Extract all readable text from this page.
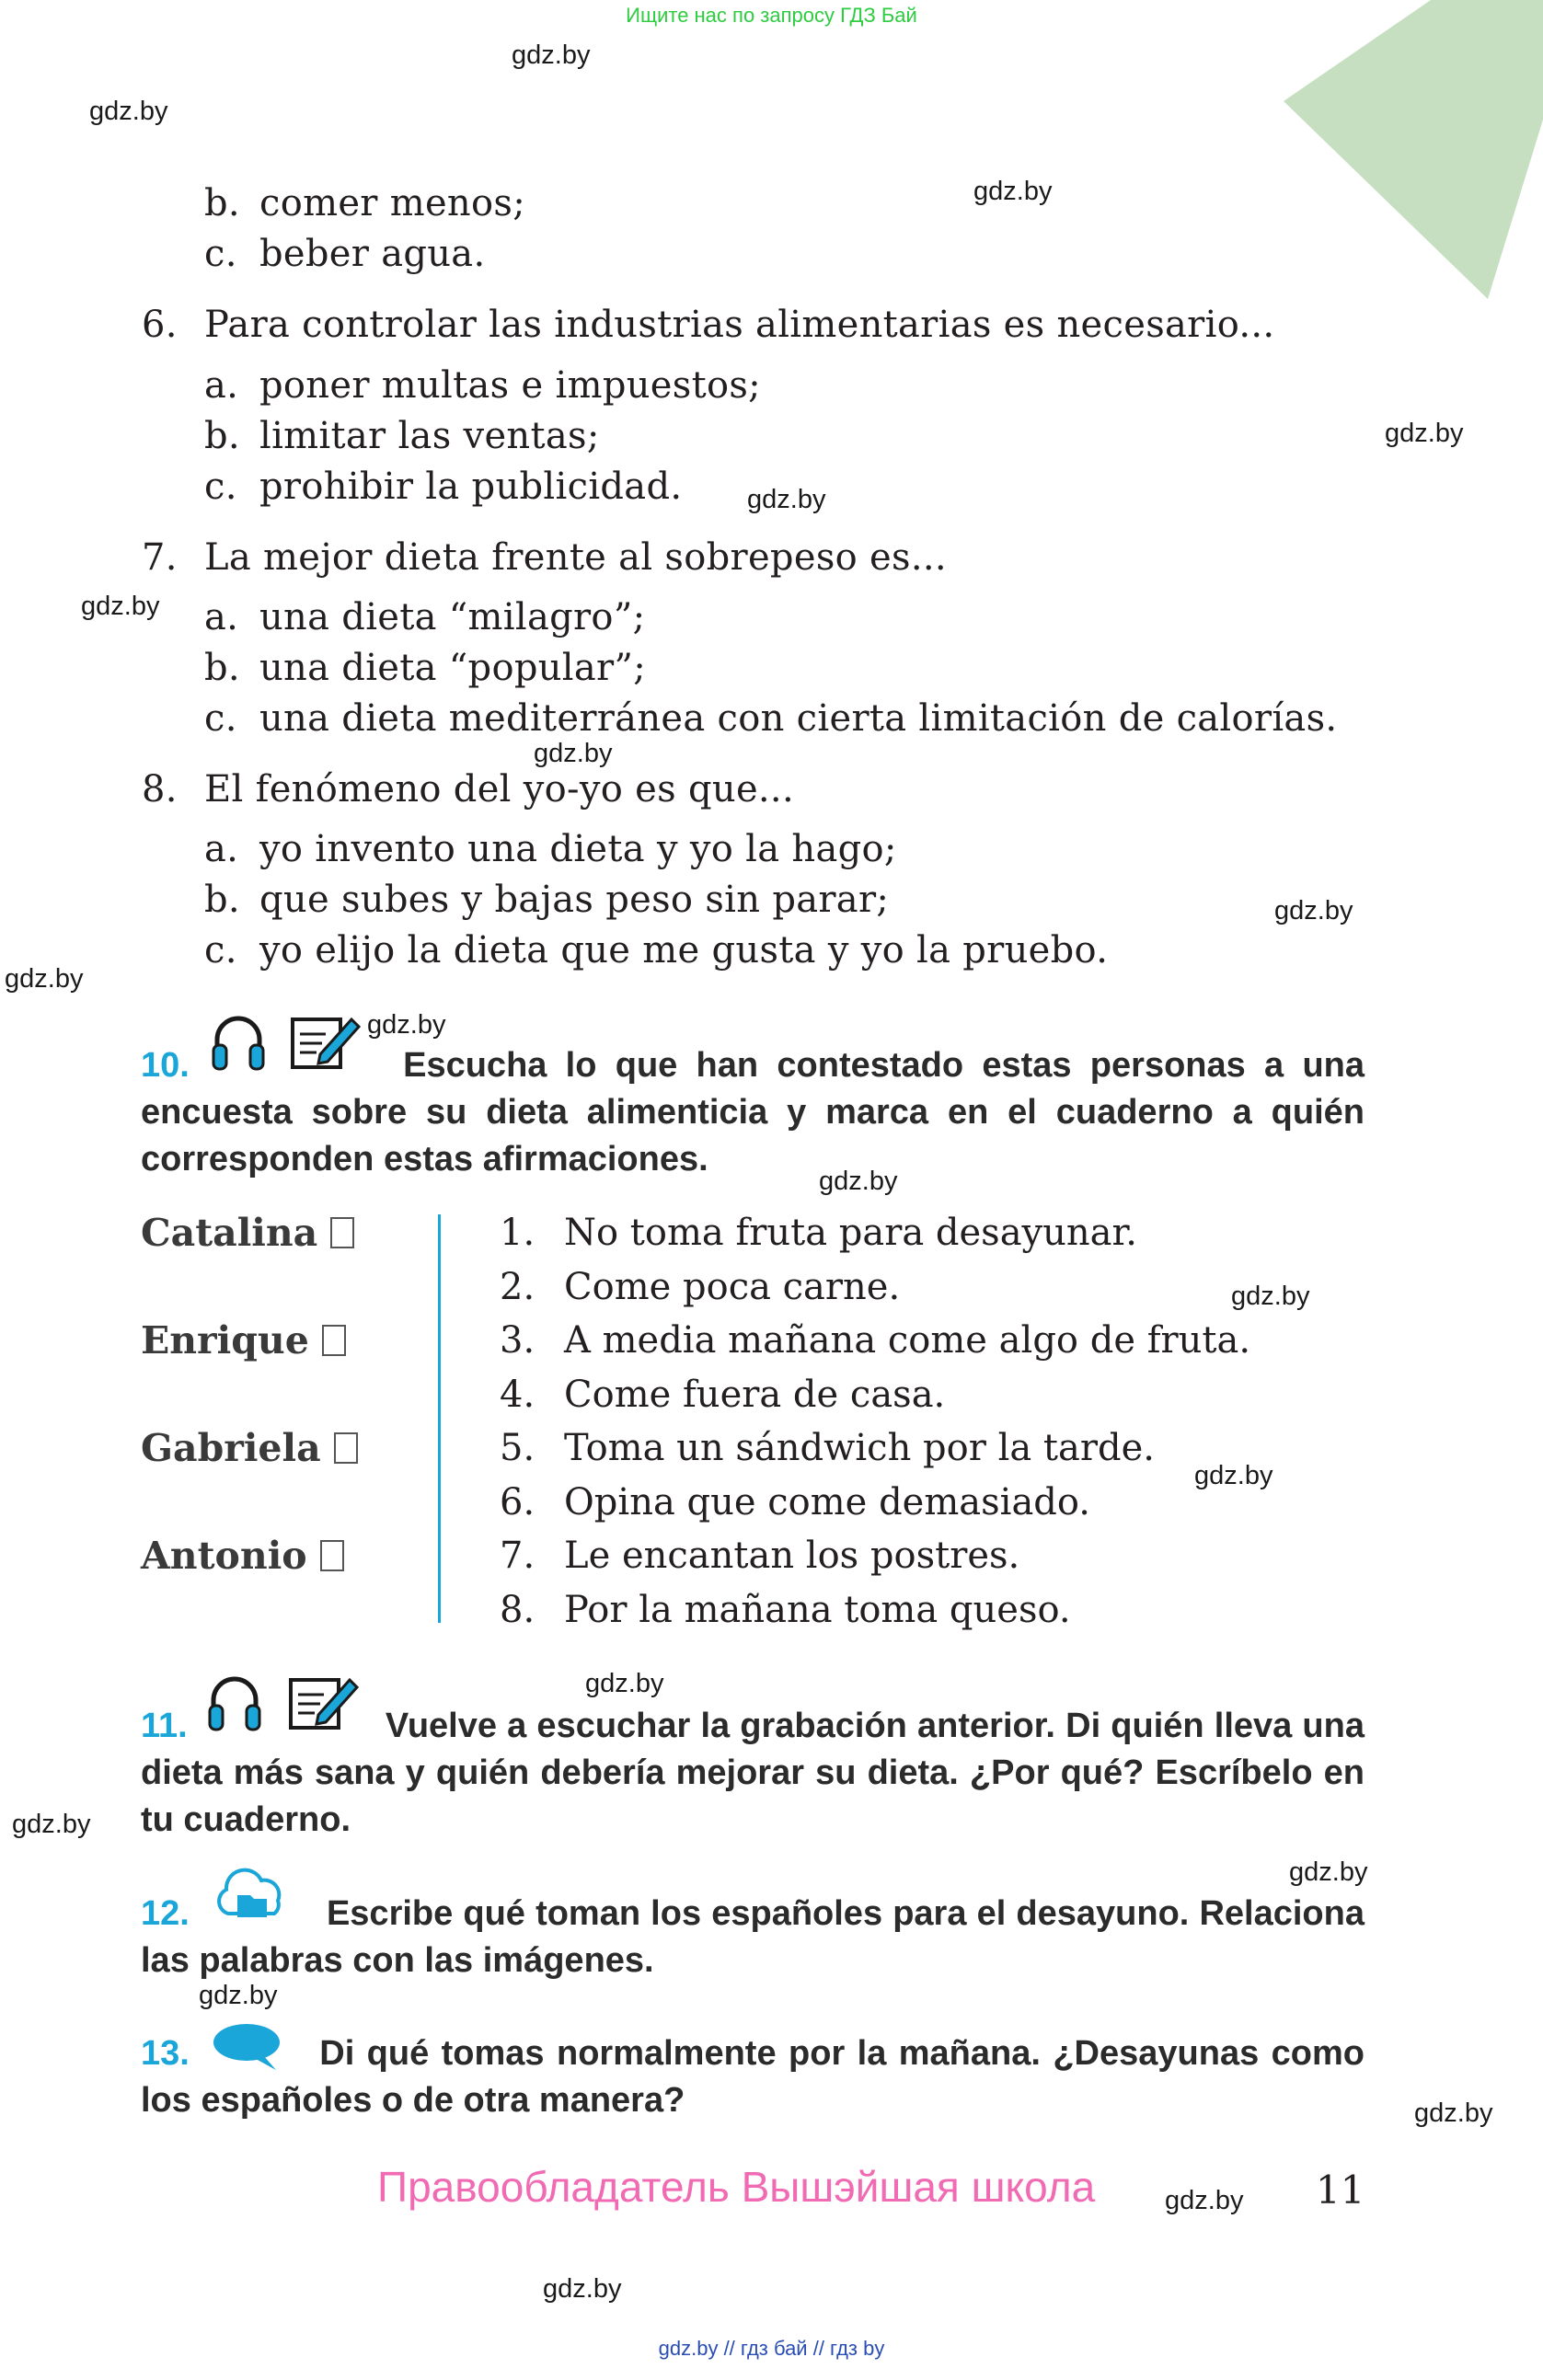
Ищите нас по запросу ГДЗ Бай
gdz.by
gdz.by
gdz.by
gdz.by
gdz.by
gdz.by
gdz.by
gdz.by
gdz.by
gdz.by
gdz.by
gdz.by
gdz.by
gdz.by
gdz.by
gdz.by
gdz.by
gdz.by
gdz.by
gdz.by
b. comer menos;
c. beber agua.
6. Para controlar las industrias alimentarias es necesario...
a. poner multas e impuestos;
b. limitar las ventas;
c. prohibir la publicidad.
7. La mejor dieta frente al sobrepeso es...
a. una dieta “milagro”;
b. una dieta “popular”;
c. una dieta mediterránea con cierta limitación de calorías.
8. El fenómeno del yo-yo es que...
a. yo invento una dieta y yo la hago;
b. que subes y bajas peso sin parar;
c. yo elijo la dieta que me gusta y yo la pruebo.
10.	Escucha lo que han contestado estas personas a una encuesta sobre su dieta alimenticia y marca en el cuaderno a quién corresponden estas afirmaciones.
Catalina
Enrique
Gabriela
Antonio
1. No toma fruta para desayunar.
2. Come poca carne.
3. A media mañana come algo de fruta.
4. Come fuera de casa.
5. Toma un sándwich por la tarde.
6. Opina que come demasiado.
7. Le encantan los postres.
8. Por la mañana toma queso.
11.	Vuelve a escuchar la grabación anterior. Di quién lleva una dieta más sana y quién debería mejorar su dieta. ¿Por qué? Escríbelo en tu cuaderno.
12.	Escribe qué toman los españoles para el desayuno. Relaciona las palabras con las imágenes.
13.	Di qué tomas normalmente por la mañana. ¿Desayunas como los españoles o de otra manera?
Правообладатель Вышэйшая школа	11
gdz.by // гдз бай // гдз by
